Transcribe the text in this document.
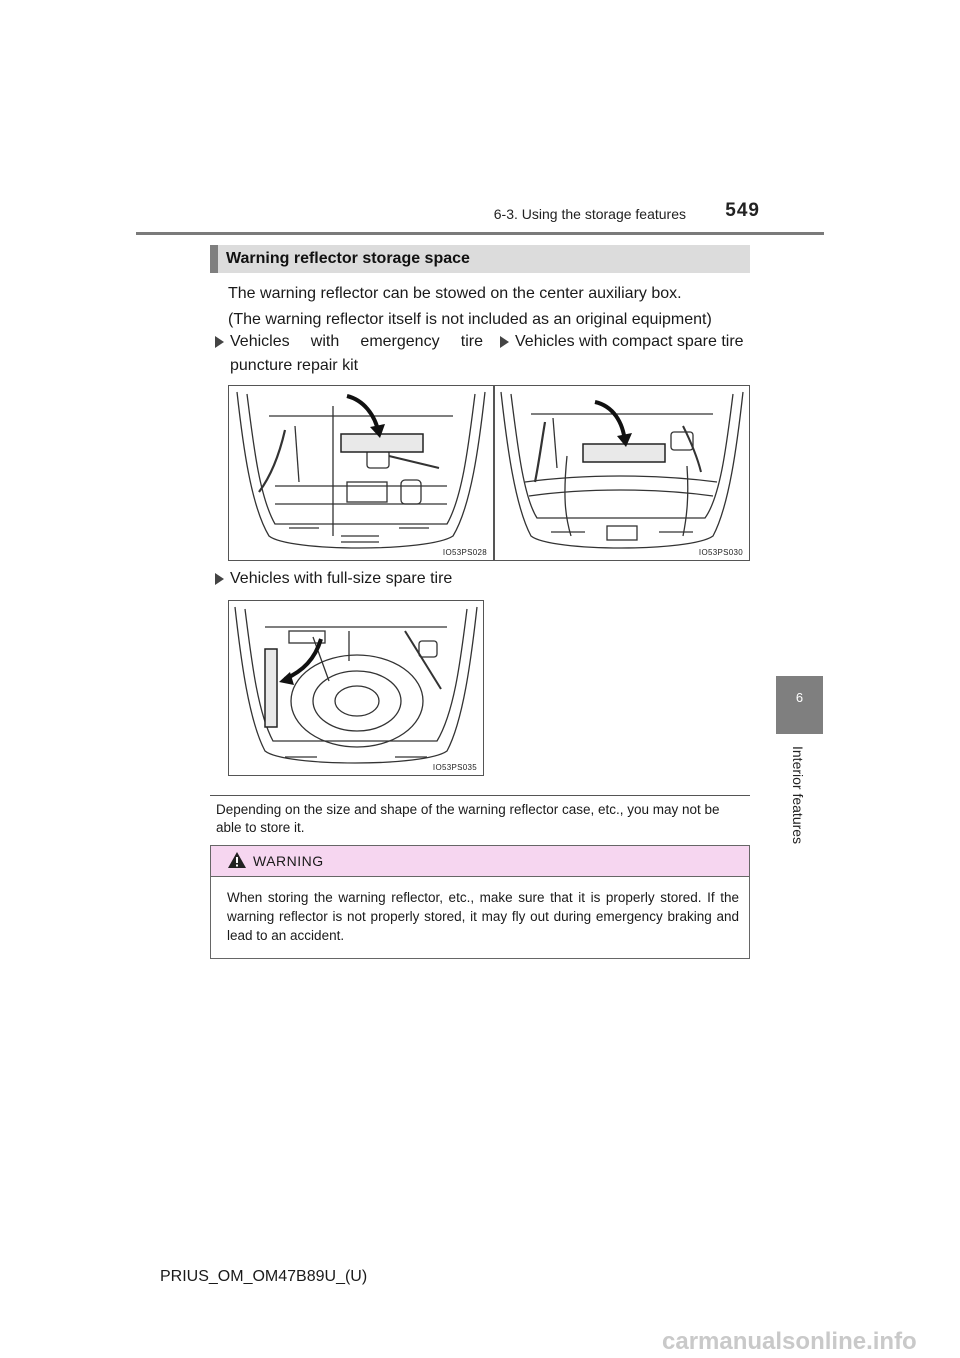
6-3. Using the storage features	549
6
Interior features
Warning reflector storage space
The warning reflector can be stowed on the center auxiliary box.
(The warning reflector itself is not included as an original equipment)
Vehicles with emergency tire puncture repair kit
Vehicles with compact spare tire
IO53PS028	IO53PS030
Vehicles with full-size spare tire
IO53PS035
Depending on the size and shape of the warning reflector case, etc., you may not be able to store it.
WARNING
When storing the warning reflector, etc., make sure that it is properly stored. If the warning reflector is not properly stored, it may fly out during emergency braking and lead to an accident.
PRIUS_OM_OM47B89U_(U)
carmanualsonline.info
